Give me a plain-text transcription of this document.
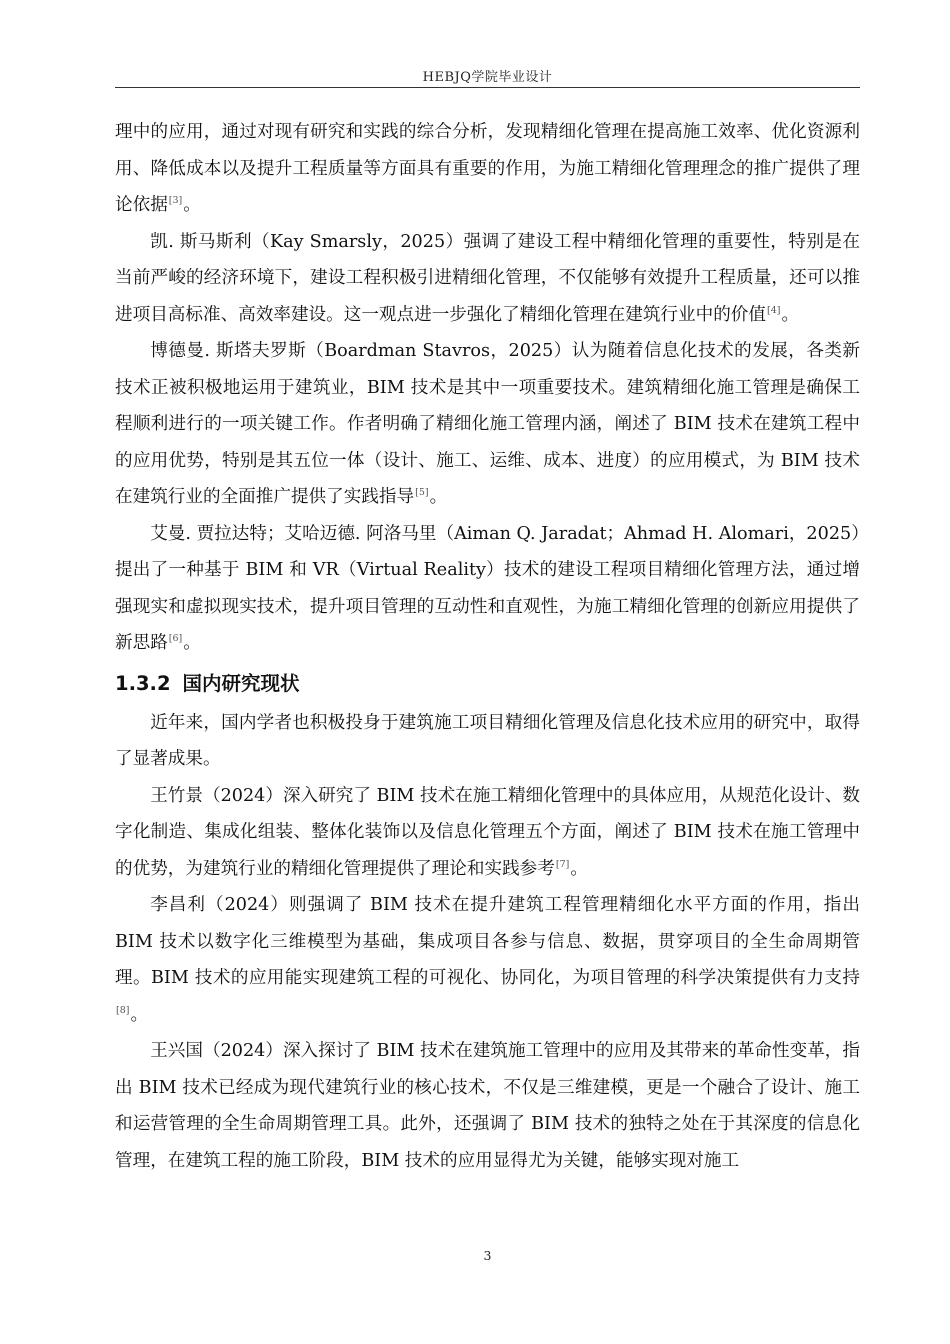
HEBJQ学院毕业设计

理中的应用，通过对现有研究和实践的综合分析，发现精细化管理在提高施工效率、优化资源利用、降低成本以及提升工程质量等方面具有重要的作用，为施工精细化管理理念的推广提供了理论依据[3]。

凯. 斯马斯利（Kay Smarsly，2025）强调了建设工程中精细化管理的重要性，特别是在当前严峻的经济环境下，建设工程积极引进精细化管理，不仅能够有效提升工程质量，还可以推进项目高标准、高效率建设。这一观点进一步强化了精细化管理在建筑行业中的价值[4]。

博德曼. 斯塔夫罗斯（Boardman Stavros，2025）认为随着信息化技术的发展，各类新技术正被积极地运用于建筑业，BIM 技术是其中一项重要技术。建筑精细化施工管理是确保工程顺利进行的一项关键工作。作者明确了精细化施工管理内涵，阐述了 BIM 技术在建筑工程中的应用优势，特别是其五位一体（设计、施工、运维、成本、进度）的应用模式，为 BIM 技术在建筑行业的全面推广提供了实践指导[5]。

艾曼. 贾拉达特；艾哈迈德. 阿洛马里（Aiman Q. Jaradat；Ahmad H. Alomari，2025）提出了一种基于 BIM 和 VR（Virtual Reality）技术的建设工程项目精细化管理方法，通过增强现实和虚拟现实技术，提升项目管理的互动性和直观性，为施工精细化管理的创新应用提供了新思路[6]。

1.3.2 国内研究现状

近年来，国内学者也积极投身于建筑施工项目精细化管理及信息化技术应用的研究中，取得了显著成果。

王竹景（2024）深入研究了 BIM 技术在施工精细化管理中的具体应用，从规范化设计、数字化制造、集成化组装、整体化装饰以及信息化管理五个方面，阐述了 BIM 技术在施工管理中的优势，为建筑行业的精细化管理提供了理论和实践参考[7]。

李昌利（2024）则强调了 BIM 技术在提升建筑工程管理精细化水平方面的作用，指出 BIM 技术以数字化三维模型为基础，集成项目各参与信息、数据，贯穿项目的全生命周期管理。BIM 技术的应用能实现建筑工程的可视化、协同化，为项目管理的科学决策提供有力支持[8]。

王兴国（2024）深入探讨了 BIM 技术在建筑施工管理中的应用及其带来的革命性变革，指出 BIM 技术已经成为现代建筑行业的核心技术，不仅是三维建模，更是一个融合了设计、施工和运营管理的全生命周期管理工具。此外，还强调了 BIM 技术的独特之处在于其深度的信息化管理，在建筑工程的施工阶段，BIM 技术的应用显得尤为关键，能够实现对施工

3
